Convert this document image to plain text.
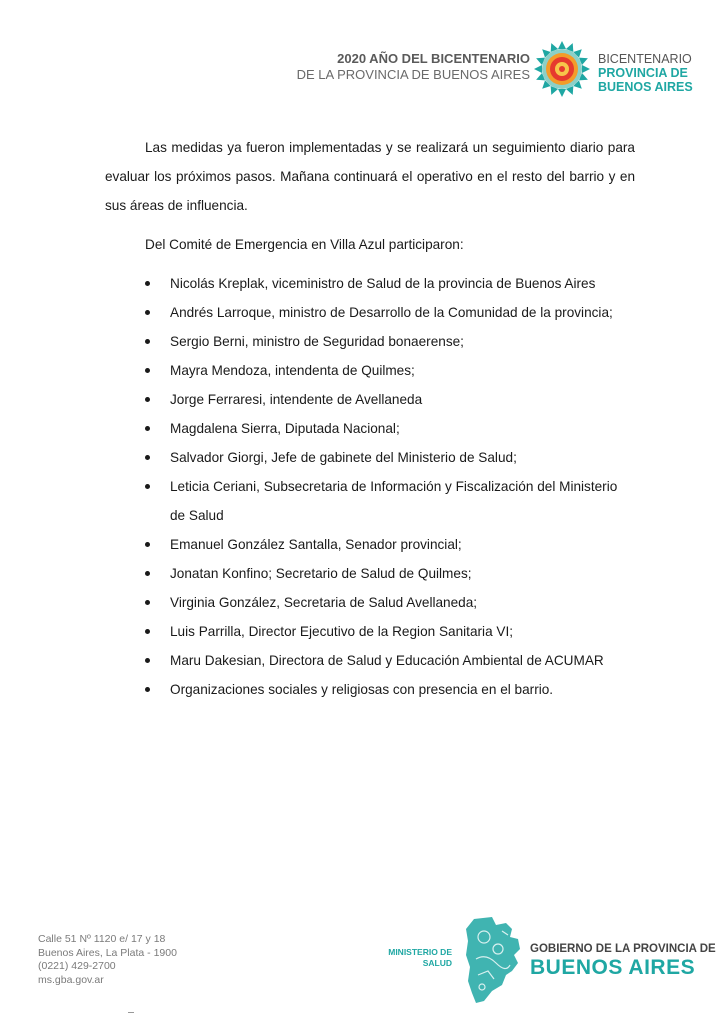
2020 AÑO DEL BICENTENARIO
DE LA PROVINCIA DE BUENOS AIRES
BICENTENARIO
PROVINCIA DE
BUENOS AIRES

Las medidas ya fueron implementadas y se realizará un seguimiento diario para evaluar los próximos pasos. Mañana continuará el operativo en el resto del barrio y en sus áreas de influencia.

Del Comité de Emergencia en Villa Azul participaron:

Nicolás Kreplak, viceministro de Salud de la provincia de Buenos Aires
Andrés Larroque, ministro de Desarrollo de la Comunidad de la provincia;
Sergio Berni, ministro de Seguridad bonaerense;
Mayra Mendoza, intendenta de Quilmes;
Jorge Ferraresi, intendente de Avellaneda
Magdalena Sierra, Diputada Nacional;
Salvador Giorgi, Jefe de gabinete del Ministerio de Salud;
Leticia Ceriani, Subsecretaria de Información y Fiscalización del Ministerio de Salud
Emanuel González Santalla, Senador provincial;
Jonatan Konfino; Secretario de Salud de Quilmes;
Virginia González, Secretaria de Salud Avellaneda;
Luis Parrilla, Director Ejecutivo de la Region Sanitaria VI;
Maru Dakesian, Directora de Salud y Educación Ambiental de ACUMAR
Organizaciones sociales y religiosas con presencia en el barrio.
Calle 51 Nº 1120 e/ 17 y 18
Buenos Aires, La Plata - 1900
(0221) 429-2700
ms.gba.gov.ar
MINISTERIO DE
SALUD
GOBIERNO DE LA PROVINCIA DE
BUENOS AIRES
